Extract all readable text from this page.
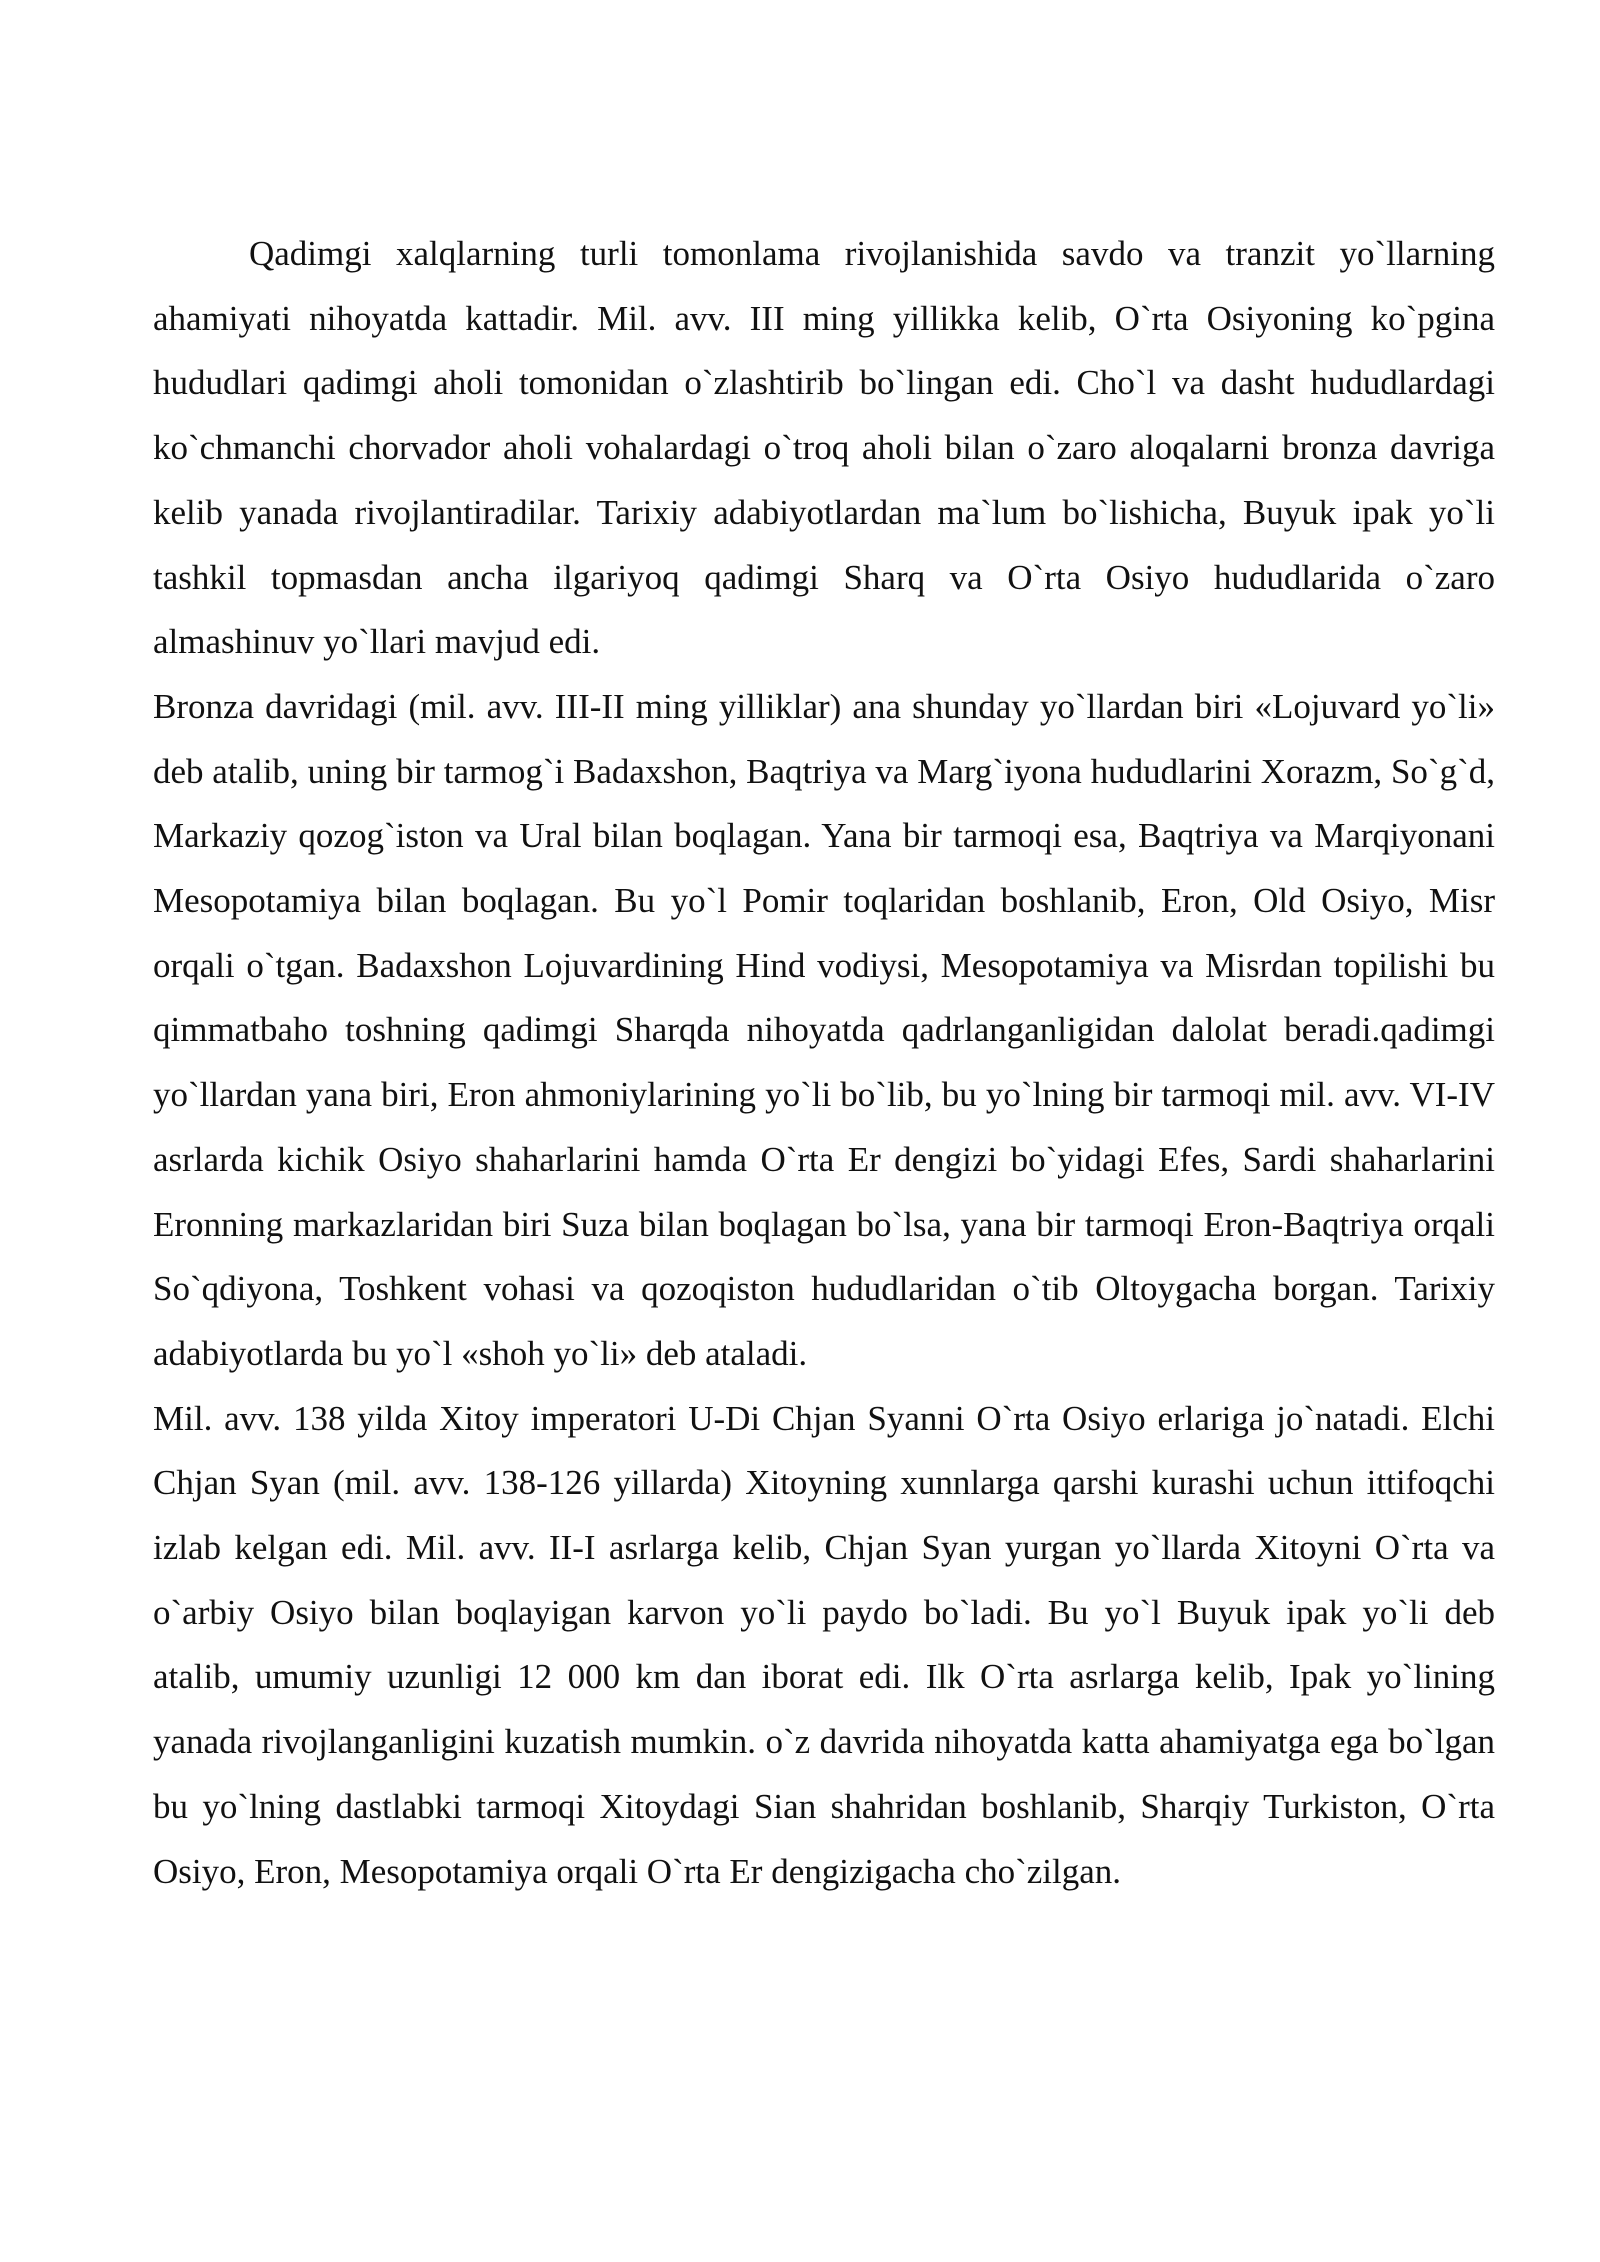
Qadimgi xalqlarning turli tomonlama rivojlanishida savdo va tranzit yo`llarning ahamiyati nihoyatda kattadir. Mil. avv. III ming yillikka kelib, O`rta Osiyoning ko`pgina hududlari qadimgi aholi tomonidan o`zlashtirib bo`lingan edi. Cho`l va dasht hududlardagi ko`chmanchi chorvador aholi vohalardagi o`troq aholi bilan o`zaro aloqalarni bronza davriga kelib yanada rivojlantiradilar. Tarixiy adabiyotlardan ma`lum bo`lishicha, Buyuk ipak yo`li tashkil topmasdan ancha ilgariyoq qadimgi Sharq va O`rta Osiyo hududlarida o`zaro almashinuv yo`llari mavjud edi.

Bronza davridagi (mil. avv. III-II ming yilliklar) ana shunday yo`llardan biri «Lojuvard yo`li» deb atalib, uning bir tarmog`i Badaxshon, Baqtriya va Marg`iyona hududlarini Xorazm, So`g`d, Markaziy qozog`iston va Ural bilan boqlagan. Yana bir tarmoqi esa, Baqtriya va Marqiyonani Mesopotamiya bilan boqlagan. Bu yo`l Pomir toqlaridan boshlanib, Eron, Old Osiyo, Misr orqali o`tgan. Badaxshon Lojuvardining Hind vodiysi, Mesopotamiya va Misrdan topilishi bu qimmatbaho toshning qadimgi Sharqda nihoyatda qadrlanganligidan dalolat beradi.qadimgi yo`llardan yana biri, Eron ahmoniylarining yo`li bo`lib, bu yo`lning bir tarmoqi mil. avv. VI-IV asrlarda kichik Osiyo shaharlarini hamda O`rta Er dengizi bo`yidagi Efes, Sardi shaharlarini Eronning markazlaridan biri Suza bilan boqlagan bo`lsa, yana bir tarmoqi Eron-Baqtriya orqali So`qdiyona, Toshkent vohasi va qozoqiston hududlaridan o`tib Oltoygacha borgan. Tarixiy adabiyotlarda bu yo`l «shoh yo`li» deb ataladi.

Mil. avv. 138 yilda Xitoy imperatori U-Di Chjan Syanni O`rta Osiyo erlariga jo`natadi. Elchi Chjan Syan (mil. avv. 138-126 yillarda) Xitoyning xunnlarga qarshi kurashi uchun ittifoqchi izlab kelgan edi. Mil. avv. II-I asrlarga kelib, Chjan Syan yurgan yo`llarda Xitoyni O`rta va o`arbiy Osiyo bilan boqlayigan karvon yo`li paydo bo`ladi. Bu yo`l Buyuk ipak yo`li deb atalib, umumiy uzunligi 12 000 km dan iborat edi. Ilk O`rta asrlarga kelib, Ipak yo`lining yanada rivojlanganligini kuzatish mumkin. o`z davrida nihoyatda katta ahamiyatga ega bo`lgan bu yo`lning dastlabki tarmoqi Xitoydagi Sian shahridan boshlanib, Sharqiy Turkiston, O`rta Osiyo, Eron, Mesopotamiya orqali O`rta Er dengizigacha cho`zilgan.
